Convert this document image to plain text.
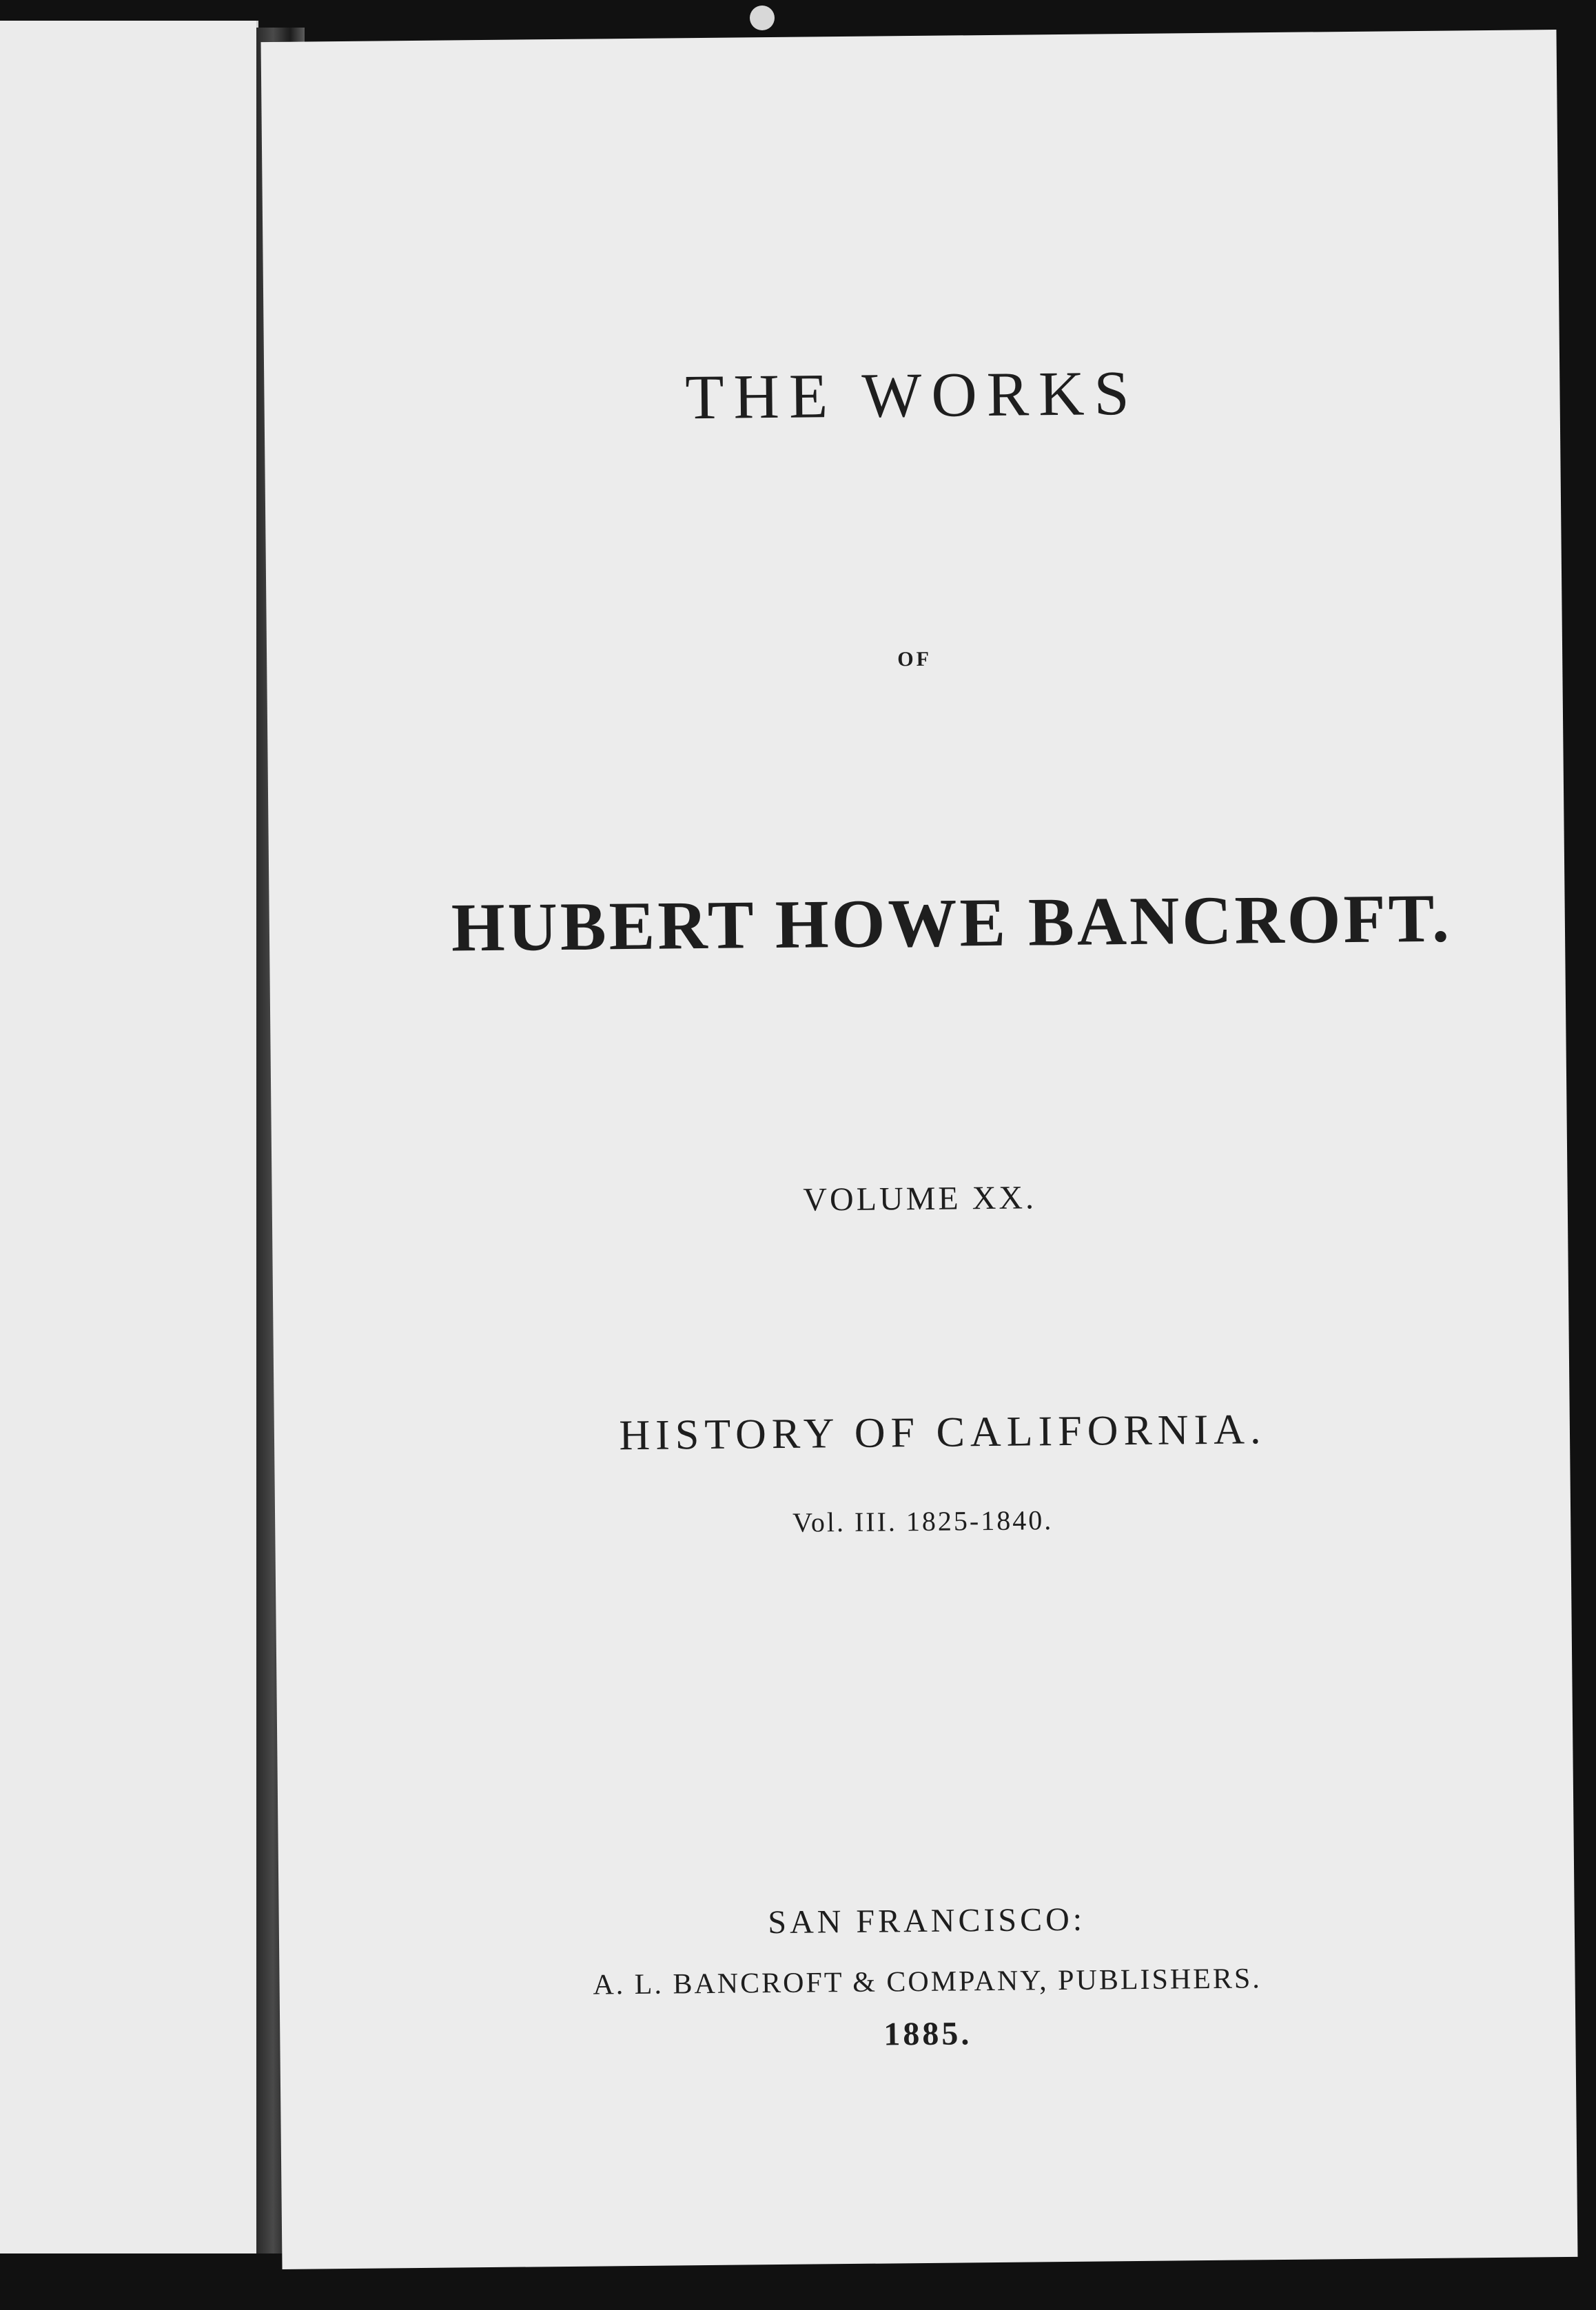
THE WORKS

OF

HUBERT HOWE BANCROFT.

VOLUME XX.

HISTORY OF CALIFORNIA.

Vol. III. 1825-1840.

SAN FRANCISCO:

A. L. BANCROFT & COMPANY, PUBLISHERS.

1885.
